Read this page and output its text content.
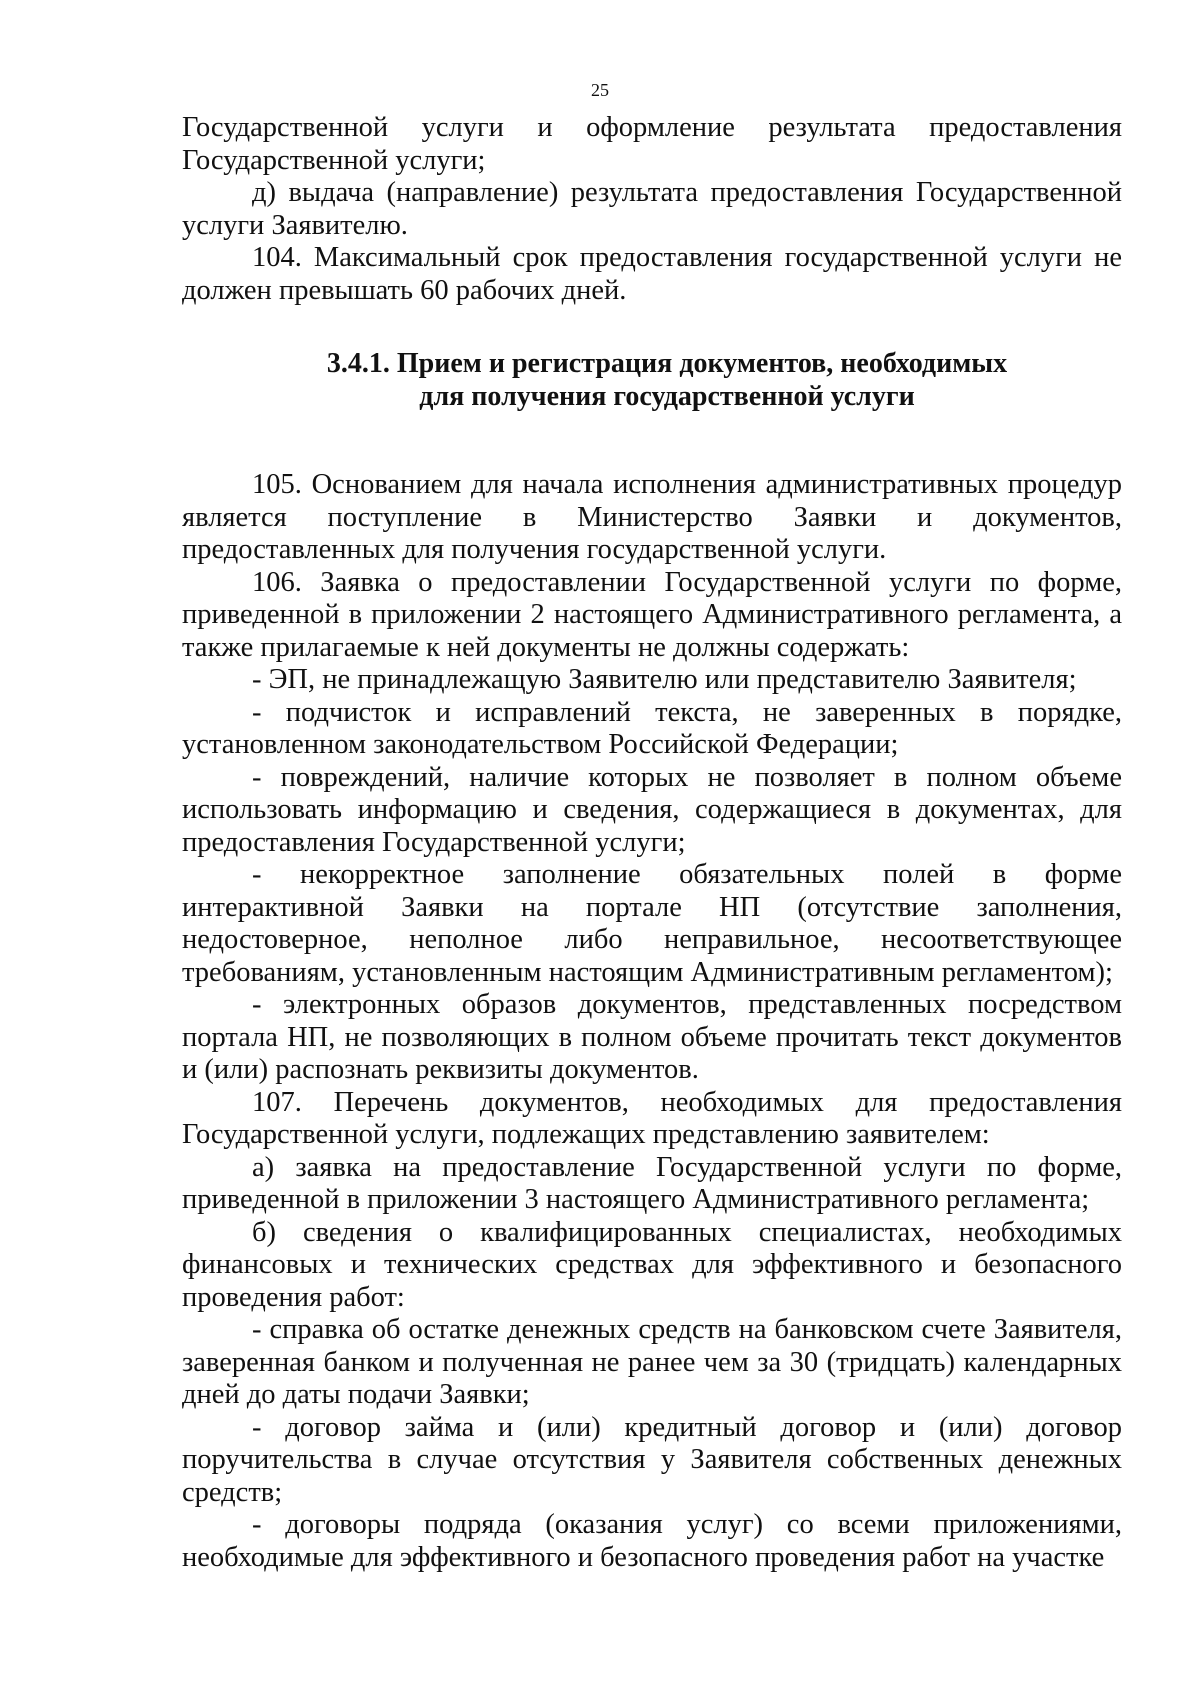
25

Государственной услуги и оформление результата предоставления Государственной услуги;

д) выдача (направление) результата предоставления Государственной услуги Заявителю.

104. Максимальный срок предоставления государственной услуги не должен превышать 60 рабочих дней.

3.4.1. Прием и регистрация документов, необходимых
для получения государственной услуги

105. Основанием для начала исполнения административных процедур является поступление в Министерство Заявки и документов, предоставленных для получения государственной услуги.

106. Заявка о предоставлении Государственной услуги по форме, приведенной в приложении 2 настоящего Административного регламента, а также прилагаемые к ней документы не должны содержать:

- ЭП, не принадлежащую Заявителю или представителю Заявителя;

- подчисток и исправлений текста, не заверенных в порядке, установленном законодательством Российской Федерации;

- повреждений, наличие которых не позволяет в полном объеме использовать информацию и сведения, содержащиеся в документах, для предоставления Государственной услуги;

- некорректное заполнение обязательных полей в форме интерактивной Заявки на портале НП (отсутствие заполнения, недостоверное, неполное либо неправильное, несоответствующее требованиям, установленным настоящим Административным регламентом);

- электронных образов документов, представленных посредством портала НП, не позволяющих в полном объеме прочитать текст документов и (или) распознать реквизиты документов.

107. Перечень документов, необходимых для предоставления Государственной услуги, подлежащих представлению заявителем:

а) заявка на предоставление Государственной услуги по форме, приведенной в приложении 3 настоящего Административного регламента;

б) сведения о квалифицированных специалистах, необходимых финансовых и технических средствах для эффективного и безопасного проведения работ:

- справка об остатке денежных средств на банковском счете Заявителя, заверенная банком и полученная не ранее чем за 30 (тридцать) календарных дней до даты подачи Заявки;

- договор займа и (или) кредитный договор и (или) договор поручительства в случае отсутствия у Заявителя собственных денежных средств;

- договоры подряда (оказания услуг) со всеми приложениями, необходимые для эффективного и безопасного проведения работ на участке
